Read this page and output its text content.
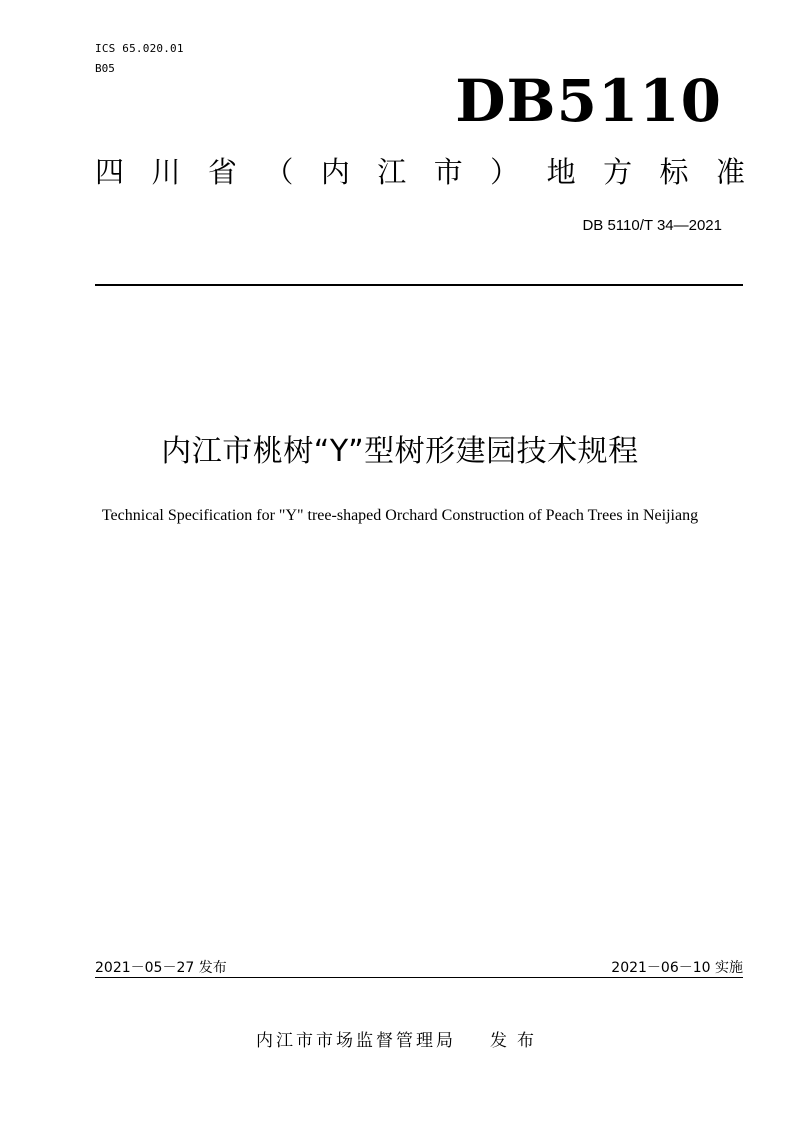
ICS 65.020.01
B05	DB5110
四 川 省 （ 内 江 市 ） 地 方 标 准
DB 5110/T 34—2021
内江市桃树“Y”型树形建园技术规程
Technical Specification for "Y" tree-shaped Orchard Construction of Peach Trees in Neijiang
2021－05－27 发布	2021－06－10 实施
内江市市场监督管理局 发布
